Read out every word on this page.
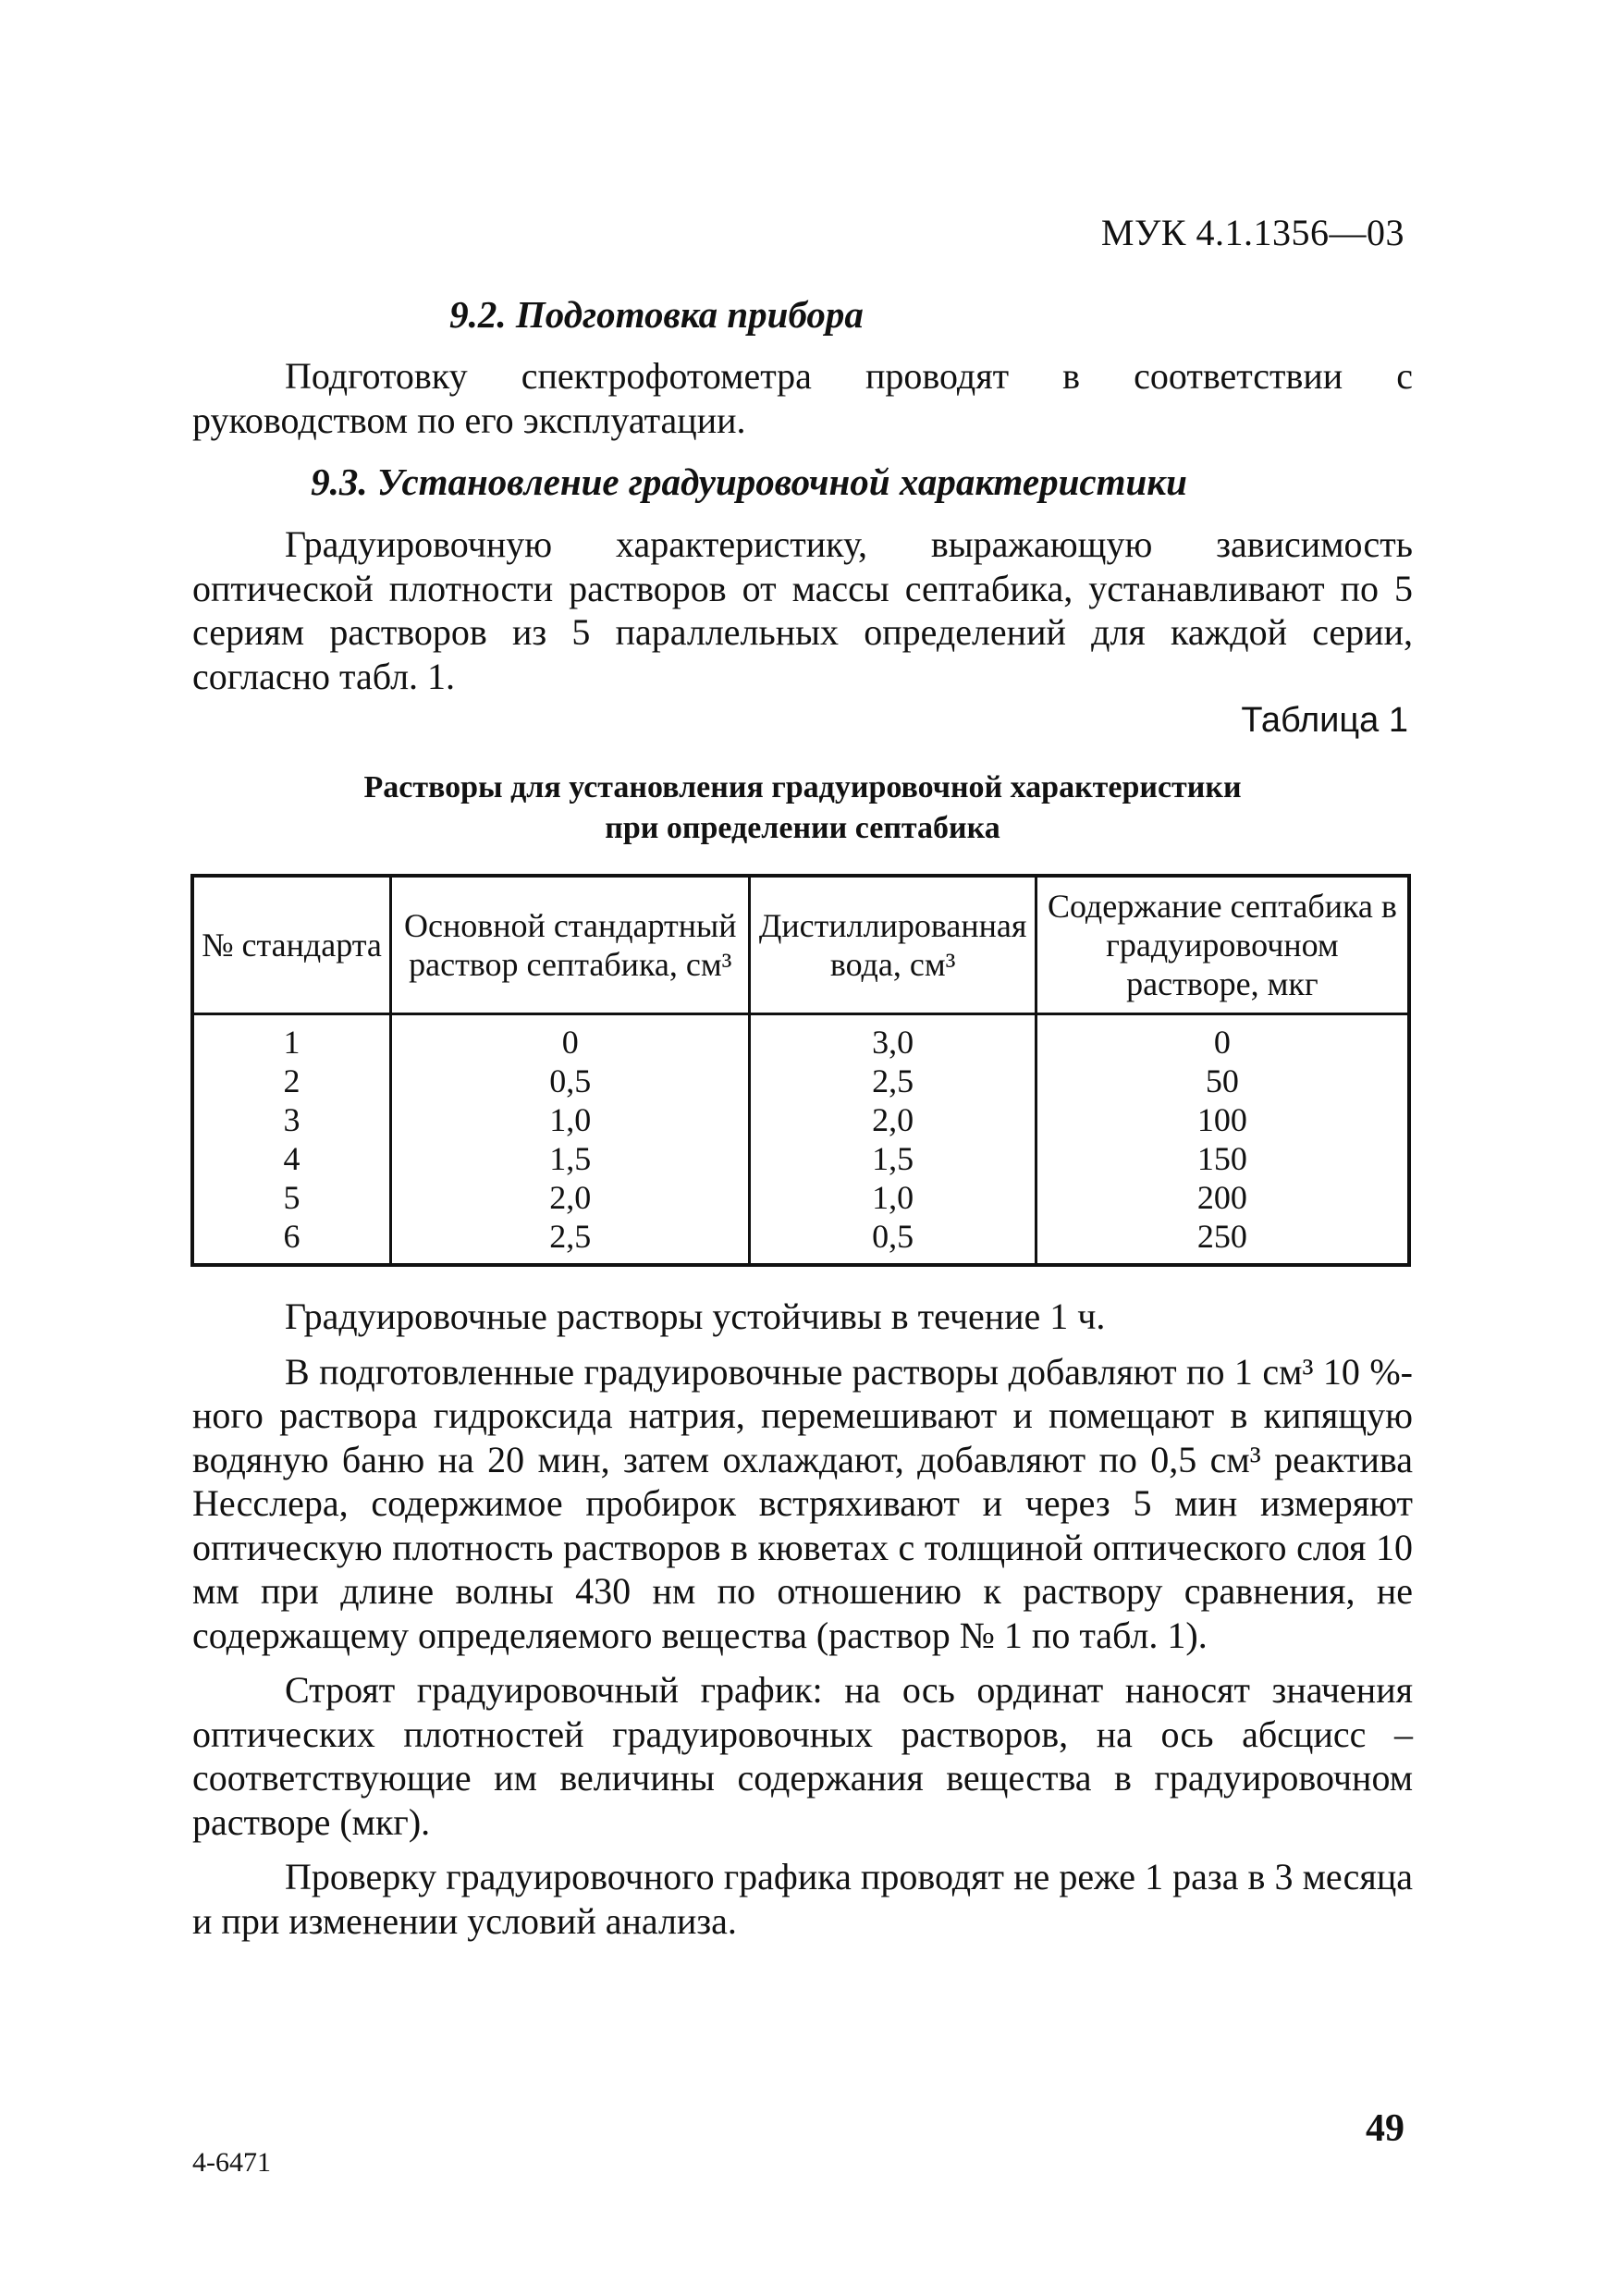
МУК 4.1.1356—03
9.2. Подготовка прибора
Подготовку спектрофотометра проводят в соответствии с руководством по его эксплуатации.
9.3. Установление градуировочной характеристики
Градуировочную характеристику, выражающую зависимость оптической плотности растворов от массы септабика, устанавливают по 5 сериям растворов из 5 параллельных определений для каждой серии, согласно табл. 1.
Таблица 1
Растворы для установления градуировочной характеристики
при определении септабика
№ стандарта	Основной стандартный раствор септабика, см³	Дистиллированная вода, см³	Содержание септабика в градуировочном растворе, мкг
1	0	3,0	0
2	0,5	2,5	50
3	1,0	2,0	100
4	1,5	1,5	150
5	2,0	1,0	200
6	2,5	0,5	250

Градуировочные растворы устойчивы в течение 1 ч.

В подготовленные градуировочные растворы добавляют по 1 см³ 10 %-ного раствора гидроксида натрия, перемешивают и помещают в кипящую водяную баню на 20 мин, затем охлаждают, добавляют по 0,5 см³ реактива Несслера, содержимое пробирок встряхивают и через 5 мин измеряют оптическую плотность растворов в кюветах с толщиной оптического слоя 10 мм при длине волны 430 нм по отношению к раствору сравнения, не содержащему определяемого вещества (раствор № 1 по табл. 1).

Строят градуировочный график: на ось ординат наносят значения оптических плотностей градуировочных растворов, на ось абсцисс – соответствующие им величины содержания вещества в градуировочном растворе (мкг).

Проверку градуировочного графика проводят не реже 1 раза в 3 месяца и при изменении условий анализа.

49
4-6471
